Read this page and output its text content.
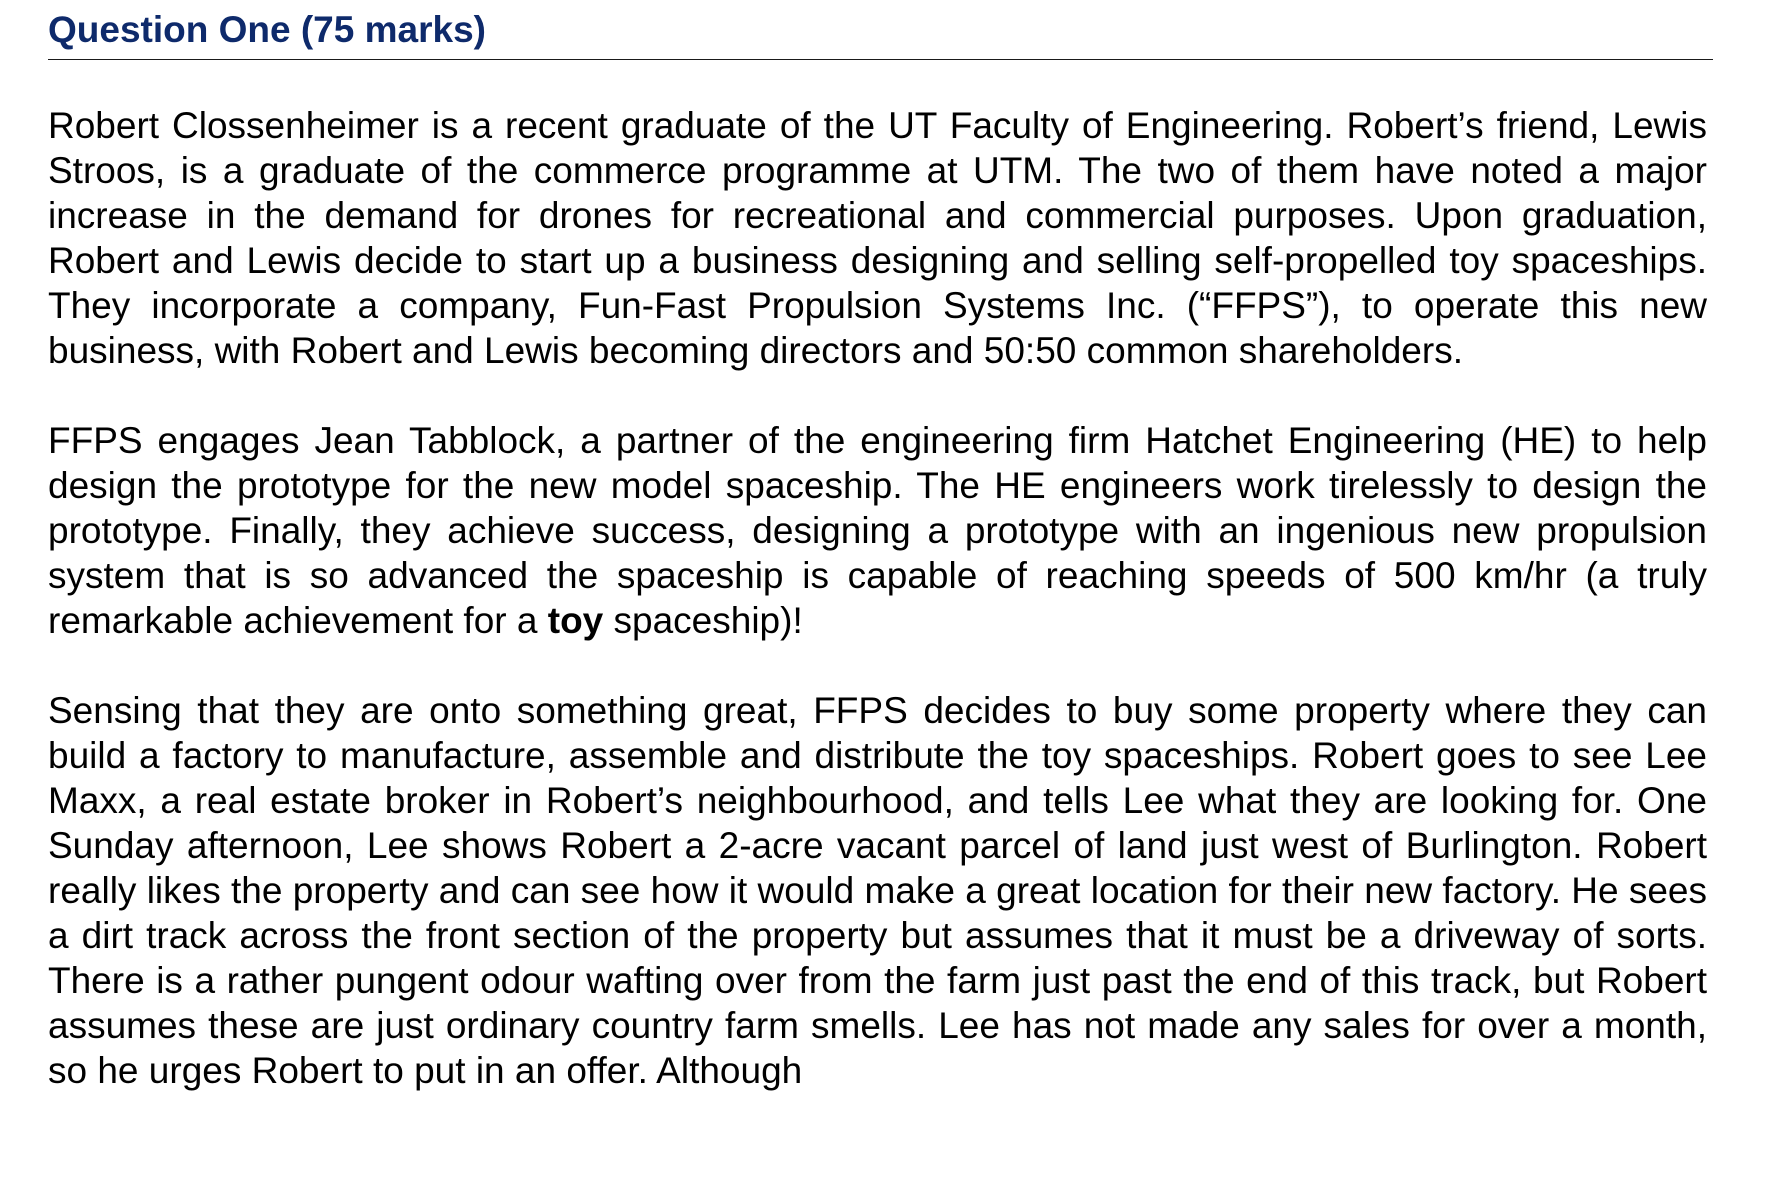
Question One (75 marks)

Robert Clossenheimer is a recent graduate of the UT Faculty of Engineering. Robert’s friend, Lewis Stroos, is a graduate of the commerce programme at UTM. The two of them have noted a major increase in the demand for drones for recreational and commercial purposes. Upon graduation, Robert and Lewis decide to start up a business designing and selling self-propelled toy spaceships. They incorporate a company, Fun-Fast Propulsion Systems Inc. (“FFPS”), to operate this new business, with Robert and Lewis becoming directors and 50:50 common shareholders.

FFPS engages Jean Tabblock, a partner of the engineering firm Hatchet Engineering (HE) to help design the prototype for the new model spaceship. The HE engineers work tirelessly to design the prototype. Finally, they achieve success, designing a prototype with an ingenious new propulsion system that is so advanced the spaceship is capable of reaching speeds of 500 km/hr (a truly remarkable achievement for a toy spaceship)!

Sensing that they are onto something great, FFPS decides to buy some property where they can build a factory to manufacture, assemble and distribute the toy spaceships. Robert goes to see Lee Maxx, a real estate broker in Robert’s neighbourhood, and tells Lee what they are looking for. One Sunday afternoon, Lee shows Robert a 2-acre vacant parcel of land just west of Burlington. Robert really likes the property and can see how it would make a great location for their new factory. He sees a dirt track across the front section of the property but assumes that it must be a driveway of sorts. There is a rather pungent odour wafting over from the farm just past the end of this track, but Robert assumes these are just ordinary country farm smells. Lee has not made any sales for over a month, so he urges Robert to put in an offer. Although
